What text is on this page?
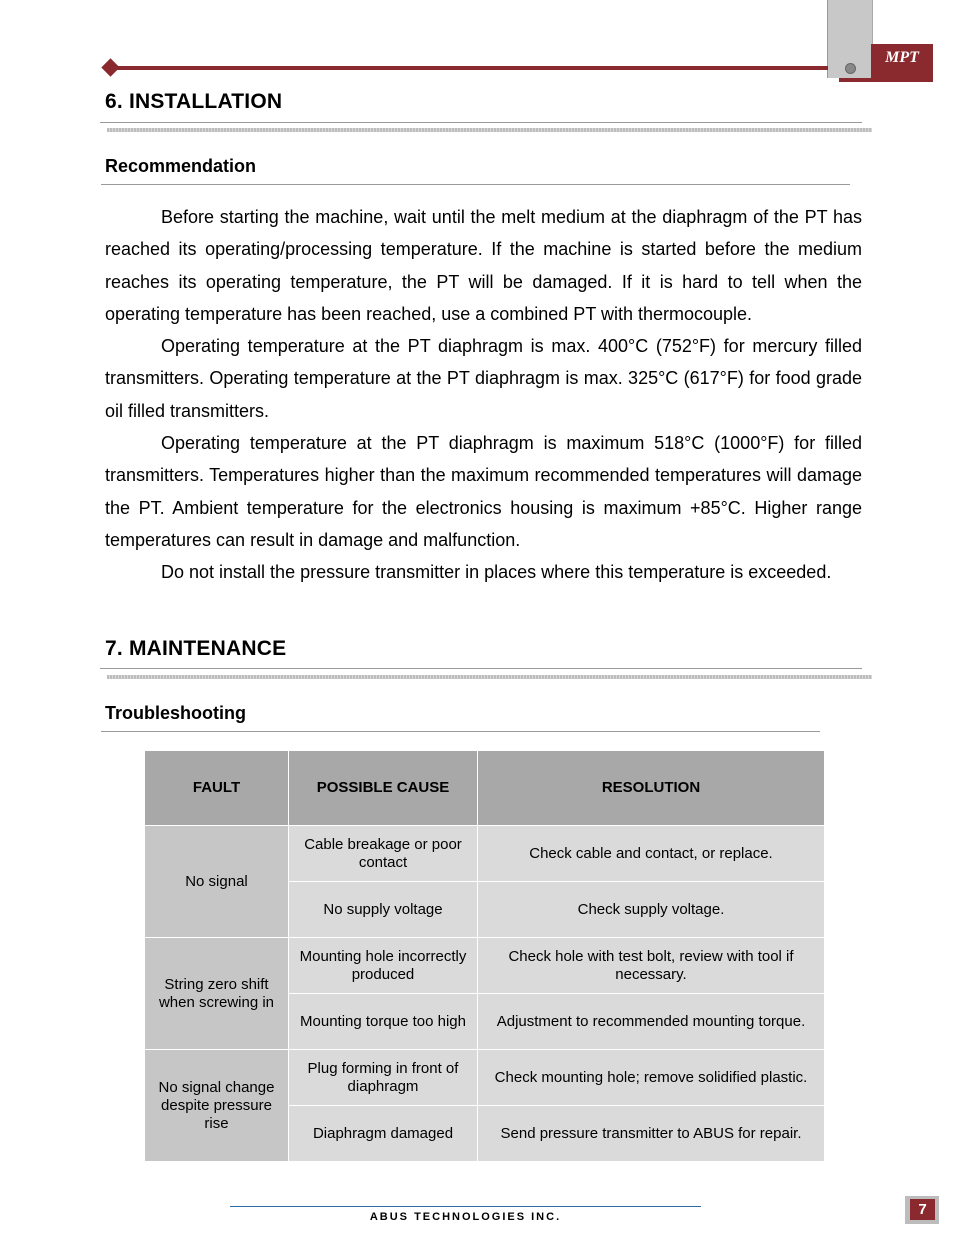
MPT
6. INSTALLATION
Recommendation

Before starting the machine, wait until the melt medium at the diaphragm of the PT has reached its operating/processing temperature. If the machine is started before the medium reaches its operating temperature, the PT will be damaged. If it is hard to tell when the operating temperature has been reached, use a combined PT with thermocouple.

Operating temperature at the PT diaphragm is max. 400°C (752°F) for mercury filled transmitters. Operating temperature at the PT diaphragm is max. 325°C (617°F) for food grade oil filled transmitters.

Operating temperature at the PT diaphragm is maximum 518°C (1000°F) for filled transmitters. Temperatures higher than the maximum recommended temperatures will damage the PT. Ambient temperature for the electronics housing is maximum +85°C. Higher range temperatures can result in damage and malfunction.

Do not install the pressure transmitter in places where this temperature is exceeded.

7. MAINTENANCE
Troubleshooting
FAULT	POSSIBLE CAUSE	RESOLUTION
No signal	Cable breakage or poor contact	Check cable and contact, or replace.
	No supply voltage	Check supply voltage.
String zero shift when screwing in	Mounting hole incorrectly produced	Check hole with test bolt, review with tool if necessary.
	Mounting torque too high	Adjustment to recommended mounting torque.
No signal change despite pressure rise	Plug forming in front of diaphragm	Check mounting hole; remove solidified plastic.
	Diaphragm damaged	Send pressure transmitter to ABUS for repair.
ABUS TECHNOLOGIES INC.	7
